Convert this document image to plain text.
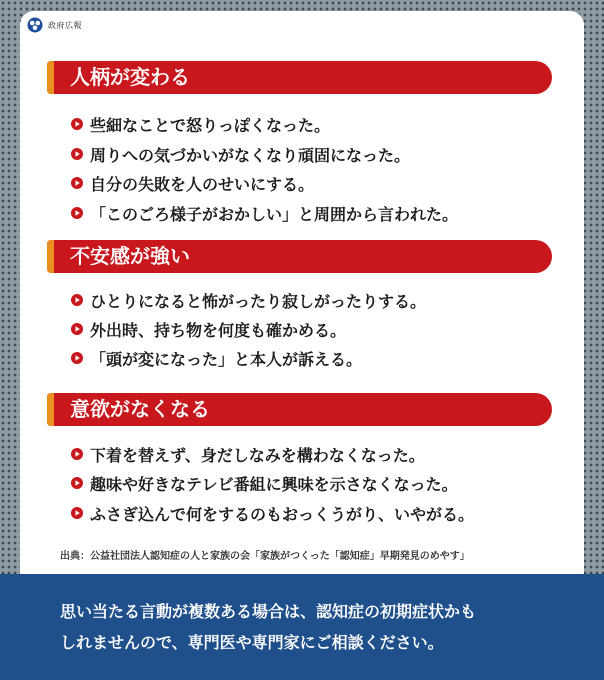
政府広報
人柄が変わる
些細なことで怒りっぽくなった。
周りへの気づかいがなくなり頑固になった。
自分の失敗を人のせいにする。
「このごろ様子がおかしい」と周囲から言われた。
不安感が強い
ひとりになると怖がったり寂しがったりする。
外出時、持ち物を何度も確かめる。
「頭が変になった」と本人が訴える。
意欲がなくなる
下着を替えず、身だしなみを構わなくなった。
趣味や好きなテレビ番組に興味を示さなくなった。
ふさぎ込んで何をするのもおっくうがり、いやがる。
出典：公益社団法人認知症の人と家族の会「家族がつくった「認知症」早期発見のめやす」
思い当たる言動が複数ある場合は、認知症の初期症状かも
しれませんので、専門医や専門家にご相談ください。
